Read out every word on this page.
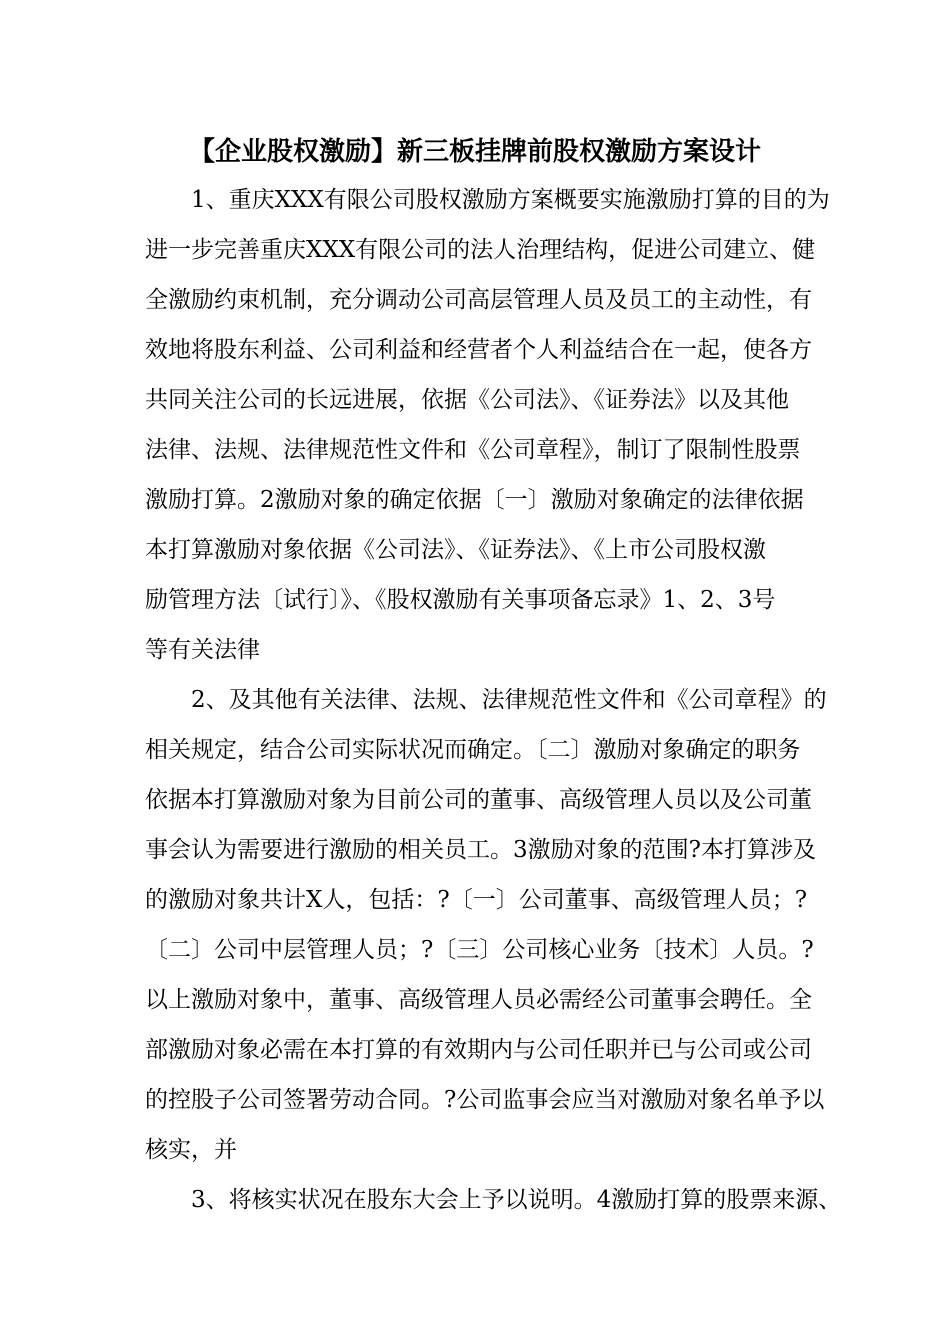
【企业股权激励】新三板挂牌前股权激励方案设计
1、重庆XXX有限公司股权激励方案概要实施激励打算的目的为
进一步完善重庆XXX有限公司的法人治理结构，促进公司建立、健
全激励约束机制，充分调动公司高层管理人员及员工的主动性，有
效地将股东利益、公司利益和经营者个人利益结合在一起，使各方
共同关注公司的长远进展，依据《公司法》、《证券法》以及其他
法律、法规、法律规范性文件和《公司章程》，制订了限制性股票
激励打算。2激励对象的确定依据〔一〕激励对象确定的法律依据
本打算激励对象依据《公司法》、《证券法》、《上市公司股权激
励管理方法〔试行〕》、《股权激励有关事项备忘录》1、2、3号
等有关法律
2、及其他有关法律、法规、法律规范性文件和《公司章程》的
相关规定，结合公司实际状况而确定。〔二〕激励对象确定的职务
依据本打算激励对象为目前公司的董事、高级管理人员以及公司董
事会认为需要进行激励的相关员工。3激励对象的范围?本打算涉及
的激励对象共计X人，包括：?〔一〕公司董事、高级管理人员；?
〔二〕公司中层管理人员；?〔三〕公司核心业务〔技术〕人员。?
以上激励对象中，董事、高级管理人员必需经公司董事会聘任。全
部激励对象必需在本打算的有效期内与公司任职并已与公司或公司
的控股子公司签署劳动合同。?公司监事会应当对激励对象名单予以
核实，并
3、将核实状况在股东大会上予以说明。4激励打算的股票来源、
